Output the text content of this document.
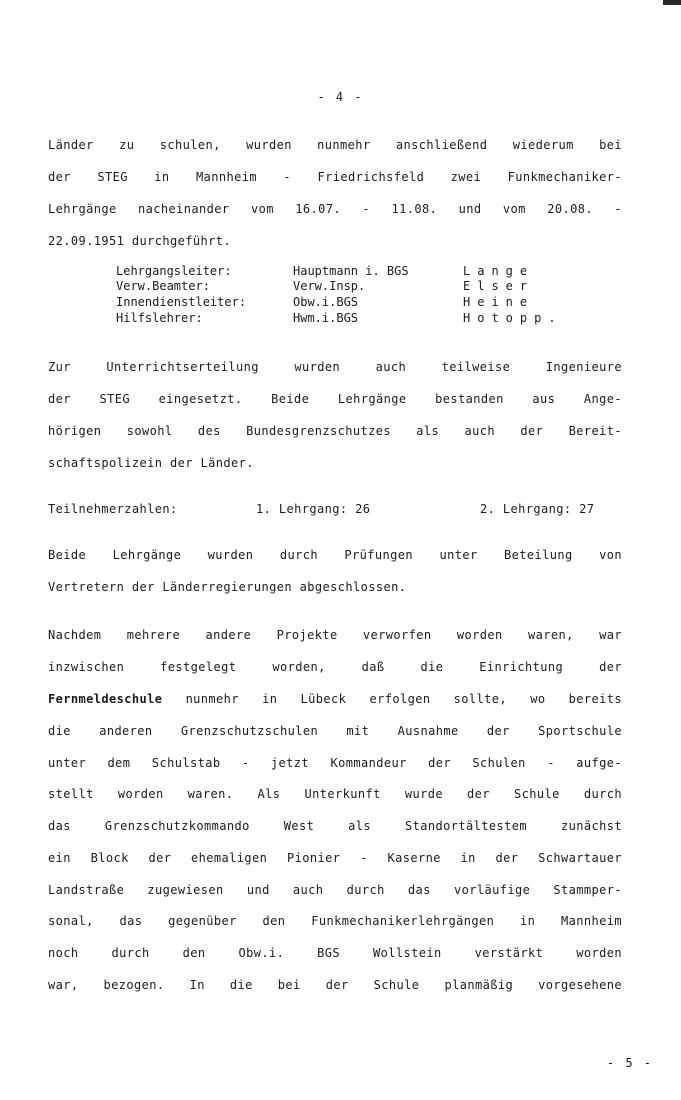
- 4 -
Länder zu schulen, wurden nunmehr anschließend wiederum bei
der STEG in Mannheim - Friedrichsfeld zwei Funkmechaniker-
Lehrgänge nacheinander vom 16.07. - 11.08. und vom 20.08. -
22.09.1951 durchgeführt.
Lehrgangsleiter:	Hauptmann i. BGS	Lange
Verw.Beamter:	Verw.Insp.	Elser
Innendienstleiter:	Obw.i.BGS	Heine
Hilfslehrer:	Hwm.i.BGS	Hotopp.
Zur Unterrichtserteilung wurden auch teilweise Ingenieure
der STEG eingesetzt. Beide Lehrgänge bestanden aus Ange-
hörigen sowohl des Bundesgrenzschutzes als auch der Bereit-
schaftspolizein der Länder.
Teilnehmerzahlen:	1. Lehrgang: 26	2. Lehrgang: 27
Beide Lehrgänge wurden durch Prüfungen unter Beteilung von
Vertretern der Länderregierungen abgeschlossen.
Nachdem mehrere andere Projekte verworfen worden waren, war
inzwischen festgelegt worden, daß die Einrichtung der
Fernmeldeschule nunmehr in Lübeck erfolgen sollte, wo bereits
die anderen Grenzschutzschulen mit Ausnahme der Sportschule
unter dem Schulstab - jetzt Kommandeur der Schulen - aufge-
stellt worden waren. Als Unterkunft wurde der Schule durch
das Grenzschutzkommando West als Standortältestem zunächst
ein Block der ehemaligen Pionier - Kaserne in der Schwartauer
Landstraße zugewiesen und auch durch das vorläufige Stammper-
sonal, das gegenüber den Funkmechanikerlehrgängen in Mannheim
noch durch den Obw.i. BGS Wollstein verstärkt worden
war, bezogen. In die bei der Schule planmäßig vorgesehene
- 5 -
